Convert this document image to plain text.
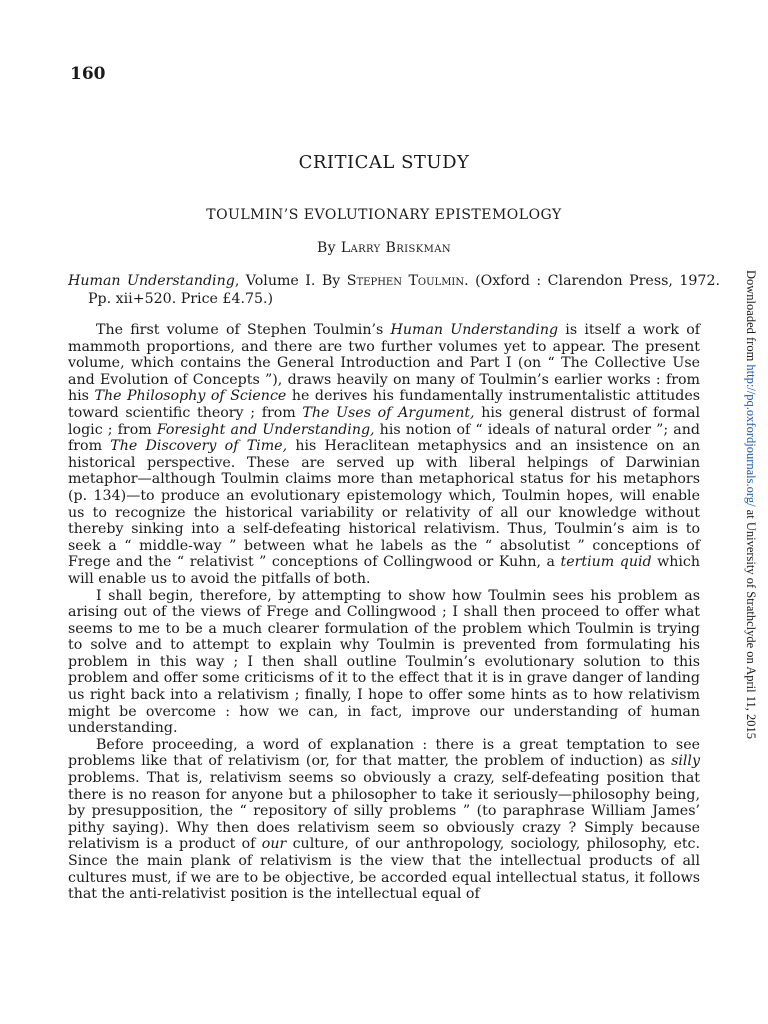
160
CRITICAL STUDY
TOULMIN’S EVOLUTIONARY EPISTEMOLOGY
By Larry Briskman
Human Understanding, Volume I. By Stephen Toulmin. (Oxford : Clarendon Press, 1972. Pp. xii+520. Price £4.75.)

The first volume of Stephen Toulmin’s Human Understanding is itself a work of mammoth proportions, and there are two further volumes yet to appear. The present volume, which contains the General Introduction and Part I (on “ The Collective Use and Evolution of Concepts ”), draws heavily on many of Toulmin’s earlier works : from his The Philosophy of Science he derives his fundamentally instrumentalistic attitudes toward scientific theory ; from The Uses of Argument, his general distrust of formal logic ; from Foresight and Understanding, his notion of “ ideals of natural order ”; and from The Discovery of Time, his Heraclitean metaphysics and an insistence on an historical perspective. These are served up with liberal helpings of Darwinian metaphor—although Toulmin claims more than metaphorical status for his metaphors (p. 134)—to produce an evolutionary epistemology which, Toulmin hopes, will enable us to recognize the historical variability or relativity of all our knowledge without thereby sinking into a self-defeating historical relativism. Thus, Toulmin’s aim is to seek a “ middle-way ” between what he labels as the “ absolutist ” conceptions of Frege and the “ relativist ” conceptions of Collingwood or Kuhn, a tertium quid which will enable us to avoid the pitfalls of both.

I shall begin, therefore, by attempting to show how Toulmin sees his problem as arising out of the views of Frege and Collingwood ; I shall then proceed to offer what seems to me to be a much clearer formulation of the problem which Toulmin is trying to solve and to attempt to explain why Toulmin is prevented from formulating his problem in this way ; I then shall outline Toulmin’s evolutionary solution to this problem and offer some criticisms of it to the effect that it is in grave danger of landing us right back into a relativism ; finally, I hope to offer some hints as to how relativism might be overcome : how we can, in fact, improve our understanding of human understanding.

Before proceeding, a word of explanation : there is a great temptation to see problems like that of relativism (or, for that matter, the problem of induction) as silly problems. That is, relativism seems so obviously a crazy, self-defeating position that there is no reason for anyone but a philosopher to take it seriously—philosophy being, by presupposition, the “ repository of silly problems ” (to paraphrase William James’ pithy saying). Why then does relativism seem so obviously crazy ? Simply because relativism is a product of our culture, of our anthropology, sociology, philosophy, etc. Since the main plank of relativism is the view that the intellectual products of all cultures must, if we are to be objective, be accorded equal intellectual status, it follows that the anti-relativist position is the intellectual equal of

Downloaded from http://pq.oxfordjournals.org/ at University of Strathclyde on April 11, 2015
